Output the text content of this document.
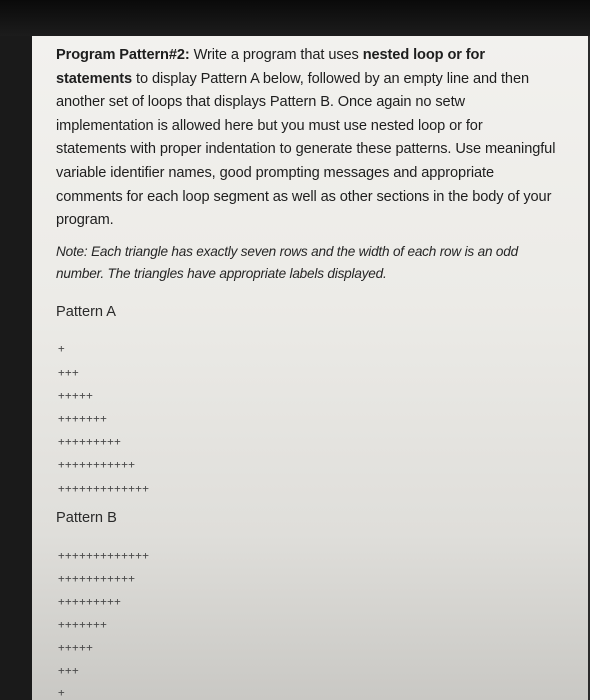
Program Pattern#2: Write a program that uses nested loop or for statements to display Pattern A below, followed by an empty line and then another set of loops that displays Pattern B. Once again no setw implementation is allowed here but you must use nested loop or for statements with proper indentation to generate these patterns. Use meaningful variable identifier names, good prompting messages and appropriate comments for each loop segment as well as other sections in the body of your program.

Note: Each triangle has exactly seven rows and the width of each row is an odd number. The triangles have appropriate labels displayed.

Pattern A

+
+++
+++++
+++++++
+++++++++
+++++++++++
+++++++++++++

Pattern B

+++++++++++++
+++++++++++
+++++++++
+++++++
+++++
+++
+
